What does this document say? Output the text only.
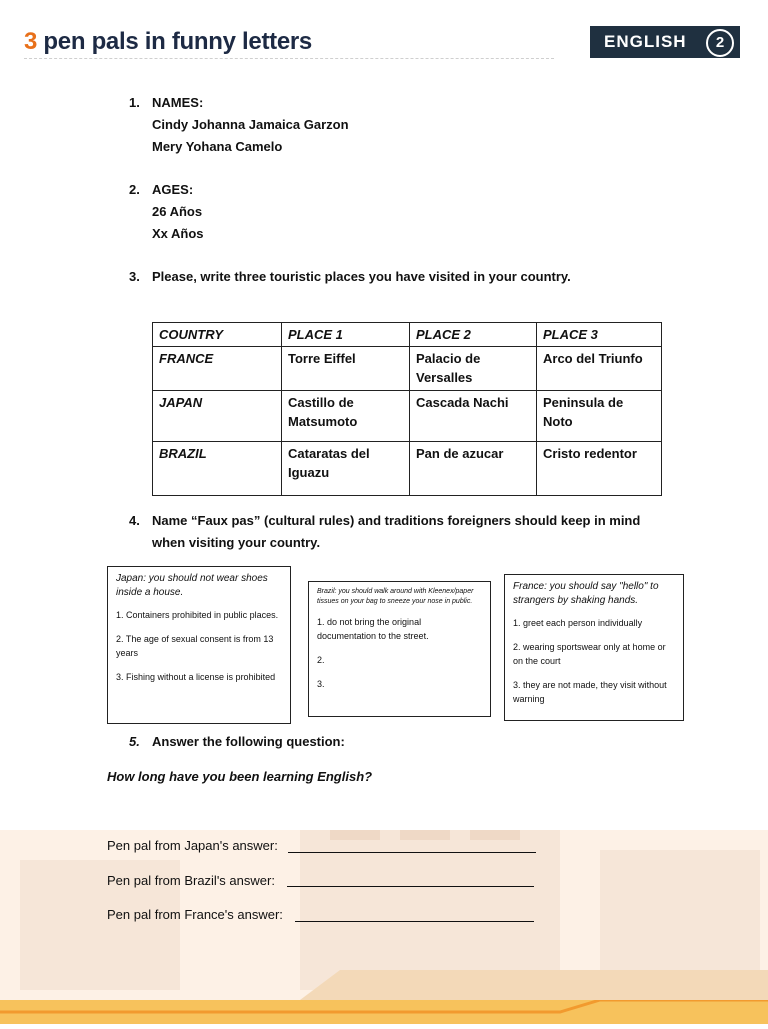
3 pen pals in funny letters	ENGLISH	2
1. NAMES:
Cindy Johanna Jamaica Garzon
Mery Yohana Camelo
2. AGES:
26 Años
Xx Años
3. Please, write three touristic places you have visited in your country.
COUNTRY	PLACE 1	PLACE 2	PLACE 3
FRANCE	Torre Eiffel	Palacio de Versalles	Arco del Triunfo
JAPAN	Castillo de Matsumoto	Cascada Nachi	Peninsula de Noto
BRAZIL	Cataratas del Iguazu	Pan de azucar	Cristo redentor
4. Name “Faux pas” (cultural rules) and traditions foreigners should keep in mind
when visiting your country.
Japan: you should not wear shoes inside a house.
1. Containers prohibited in public places.
2. The age of sexual consent is from 13 years
3. Fishing without a license is prohibited
Brazil: you should walk around with Kleenex/paper tissues on your bag to sneeze your nose in public.
1. do not bring the original documentation to the street.
2.
3.
France: you should say "hello" to strangers by shaking hands.
1. greet each person individually
2. wearing sportswear only at home or on the court
3. they are not made, they visit without warning
5. Answer the following question:
How long have you been learning English?
Pen pal from Japan's answer:
Pen pal from Brazil's answer:
Pen pal from France's answer:
